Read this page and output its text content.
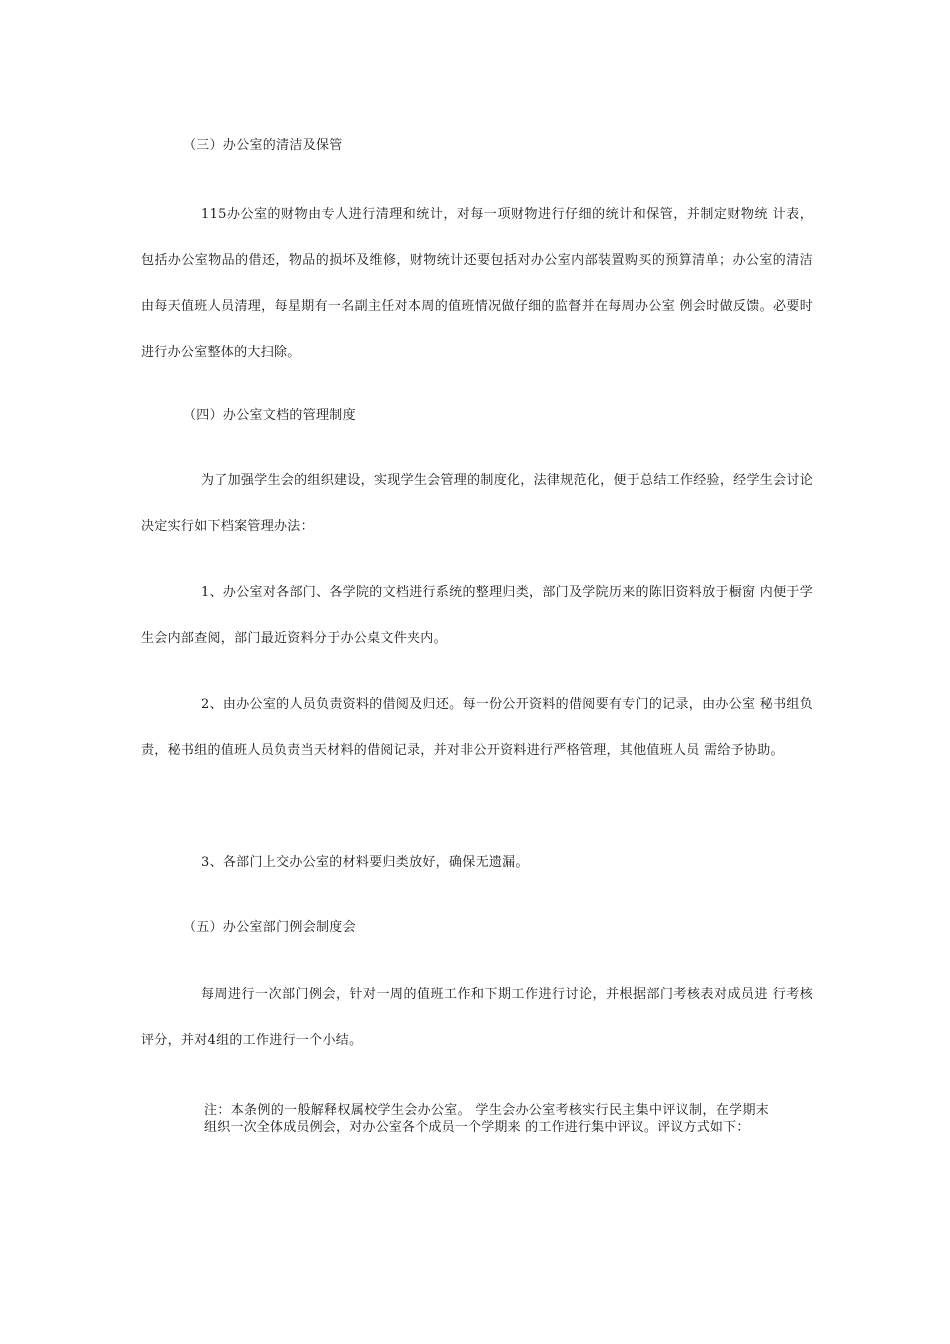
（三）办公室的清洁及保管
115办公室的财物由专人进行清理和统计，对每一项财物进行仔细的统计和保管，并制定财物统 计表，包括办公室物品的借还，物品的损坏及维修，财物统计还要包括对办公室内部装置购买的预算清单；办公室的清洁由每天值班人员清理，每星期有一名副主任对本周的值班情况做仔细的监督并在每周办公室 例会时做反馈。必要时进行办公室整体的大扫除。
（四）办公室文档的管理制度
为了加强学生会的组织建设，实现学生会管理的制度化，法律规范化，便于总结工作经验，经学生会讨论决定实行如下档案管理办法：
1、办公室对各部门、各学院的文档进行系统的整理归类，部门及学院历来的陈旧资料放于橱窗 内便于学生会内部查阅，部门最近资料分于办公桌文件夹内。
2、由办公室的人员负责资料的借阅及归还。每一份公开资料的借阅要有专门的记录，由办公室 秘书组负责，秘书组的值班人员负责当天材料的借阅记录，并对非公开资料进行严格管理，其他值班人员 需给予协助。
3、各部门上交办公室的材料要归类放好，确保无遗漏。
（五）办公室部门例会制度会
每周进行一次部门例会，针对一周的值班工作和下期工作进行讨论，并根据部门考核表对成员进 行考核评分，并对4组的工作进行一个小结。
注：本条例的一般解释权属校学生会办公室。 学生会办公室考核实行民主集中评议制，在学期末组织一次全体成员例会，对办公室各个成员一个学期来 的工作进行集中评议。评议方式如下：
